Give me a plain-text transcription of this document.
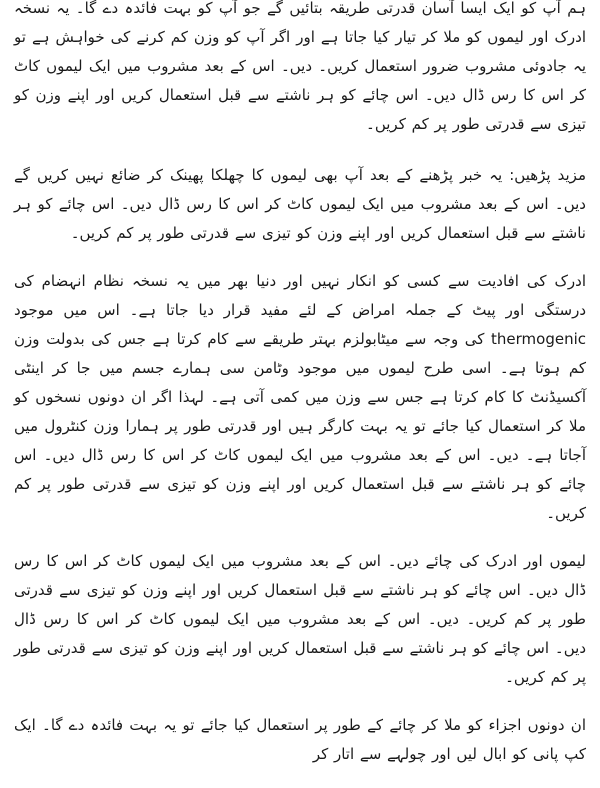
ہم آپ کو ایک ایسا آسان قدرتی طریقہ بتائیں گے جو آپ کو بہت فائدہ دے گا۔ یہ نسخہ ادرک اور لیموں کو ملا کر تیار کیا جاتا ہے اور اگر آپ کو وزن کم کرنے کی خواہش ہے تو یہ جادوئی مشروب ضرور استعمال کریں۔ دیں۔ اس کے بعد مشروب میں ایک لیموں کاٹ کر اس کا رس ڈال دیں۔ اس چائے کو ہر ناشتے سے قبل استعمال کریں اور اپنے وزن کو تیزی سے قدرتی طور پر کم کریں۔

مزید پڑھیں: یہ خبر پڑھنے کے بعد آپ بھی لیموں کا چھلکا پھینک کر ضائع نہیں کریں گے دیں۔ اس کے بعد مشروب میں ایک لیموں کاٹ کر اس کا رس ڈال دیں۔ اس چائے کو ہر ناشتے سے قبل استعمال کریں اور اپنے وزن کو تیزی سے قدرتی طور پر کم کریں۔

ادرک کی افادیت سے کسی کو انکار نہیں اور دنیا بھر میں یہ نسخہ نظام انہضام کی درستگی اور پیٹ کے جملہ امراض کے لئے مفید قرار دیا جاتا ہے۔ اس میں موجود thermogenic کی وجہ سے میٹابولزم بہتر طریقے سے کام کرتا ہے جس کی بدولت وزن کم ہوتا ہے۔ اسی طرح لیموں میں موجود وٹامن سی ہمارے جسم میں جا کر اینٹی آکسیڈنٹ کا کام کرتا ہے جس سے وزن میں کمی آتی ہے۔ لہذا اگر ان دونوں نسخوں کو ملا کر استعمال کیا جائے تو یہ بہت کارگر ہیں اور قدرتی طور پر ہمارا وزن کنٹرول میں آجاتا ہے۔ دیں۔ اس کے بعد مشروب میں ایک لیموں کاٹ کر اس کا رس ڈال دیں۔ اس چائے کو ہر ناشتے سے قبل استعمال کریں اور اپنے وزن کو تیزی سے قدرتی طور پر کم کریں۔

لیموں اور ادرک کی چائے دیں۔ اس کے بعد مشروب میں ایک لیموں کاٹ کر اس کا رس ڈال دیں۔ اس چائے کو ہر ناشتے سے قبل استعمال کریں اور اپنے وزن کو تیزی سے قدرتی طور پر کم کریں۔ دیں۔ اس کے بعد مشروب میں ایک لیموں کاٹ کر اس کا رس ڈال دیں۔ اس چائے کو ہر ناشتے سے قبل استعمال کریں اور اپنے وزن کو تیزی سے قدرتی طور پر کم کریں۔

ان دونوں اجزاء کو ملا کر چائے کے طور پر استعمال کیا جائے تو یہ بہت فائدہ دے گا۔ ایک کپ پانی کو ابال لیں اور چولہے سے اتار کر
